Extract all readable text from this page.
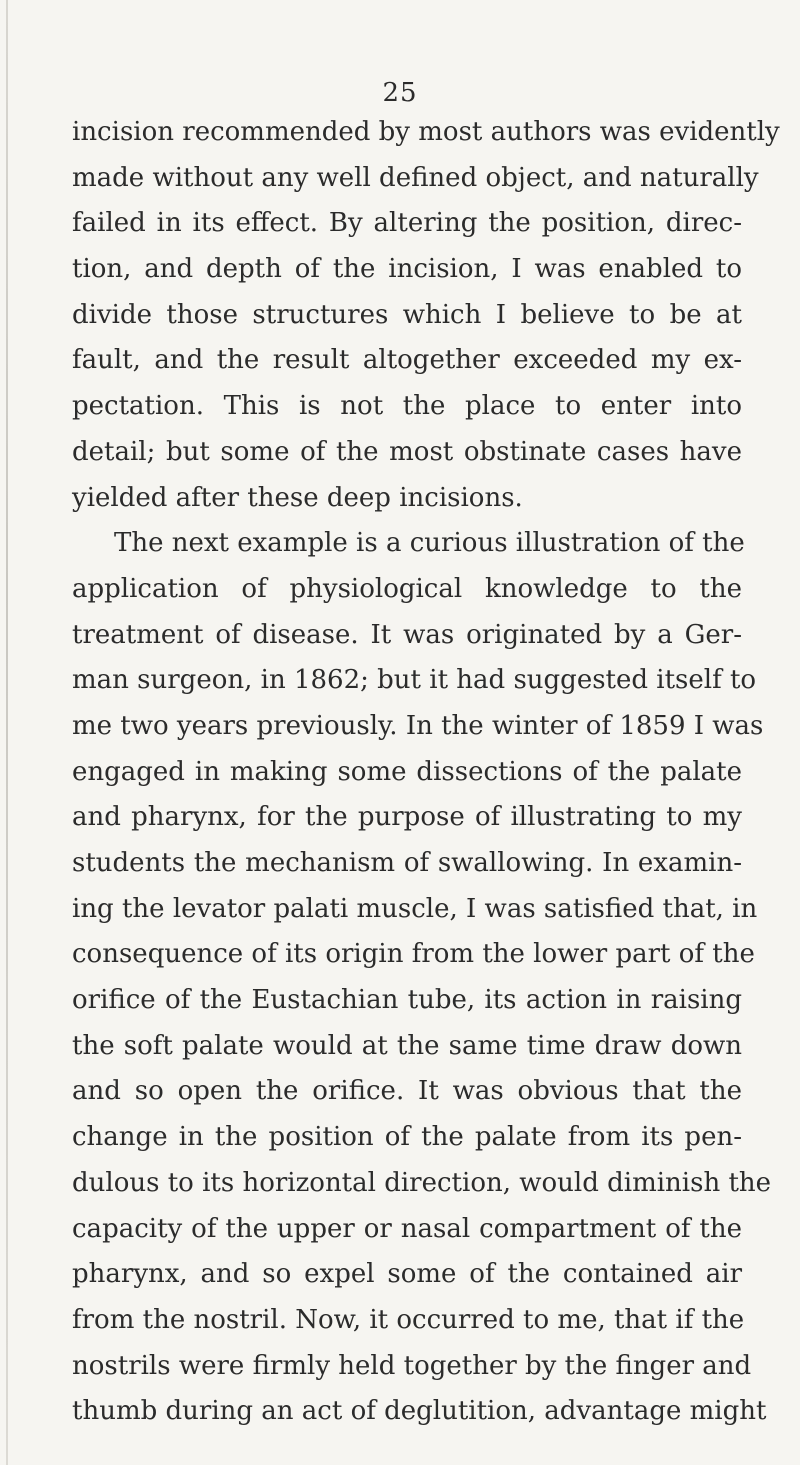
25
incision recommended by most authors was evidently
made without any well defined object, and naturally
failed in its effect. By altering the position, direc-
tion, and depth of the incision, I was enabled to
divide those structures which I believe to be at
fault, and the result altogether exceeded my ex-
pectation. This is not the place to enter into
detail; but some of the most obstinate cases have
yielded after these deep incisions.
The next example is a curious illustration of the
application of physiological knowledge to the
treatment of disease. It was originated by a Ger-
man surgeon, in 1862; but it had suggested itself to
me two years previously. In the winter of 1859 I was
engaged in making some dissections of the palate
and pharynx, for the purpose of illustrating to my
students the mechanism of swallowing. In examin-
ing the levator palati muscle, I was satisfied that, in
consequence of its origin from the lower part of the
orifice of the Eustachian tube, its action in raising
the soft palate would at the same time draw down
and so open the orifice. It was obvious that the
change in the position of the palate from its pen-
dulous to its horizontal direction, would diminish the
capacity of the upper or nasal compartment of the
pharynx, and so expel some of the contained air
from the nostril. Now, it occurred to me, that if the
nostrils were firmly held together by the finger and
thumb during an act of deglutition, advantage might
